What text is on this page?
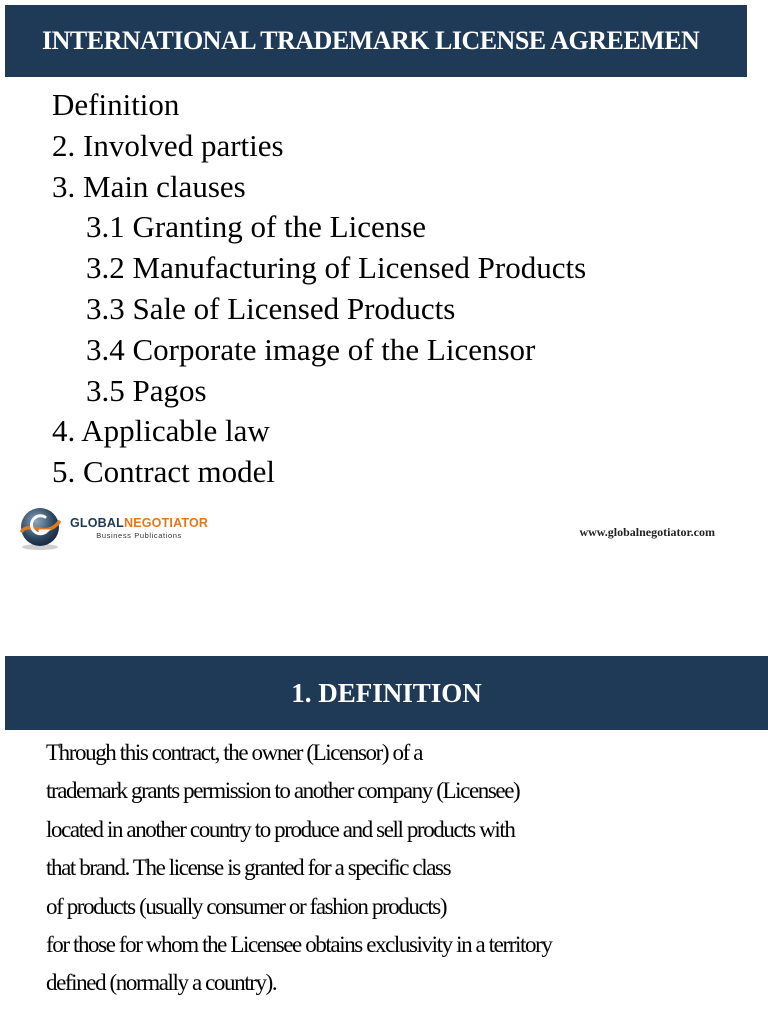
INTERNATIONAL TRADEMARK LICENSE AGREEMEN
Definition
2. Involved parties
3. Main clauses
3.1 Granting of the License
3.2 Manufacturing of Licensed Products
3.3 Sale of Licensed Products
3.4 Corporate image of the Licensor
3.5 Pagos
4. Applicable law
5. Contract model
GLOBALNEGOTIATOR
Business Publications	www.globalnegotiator.com
1. DEFINITION

Through this contract, the owner (Licensor) of a

trademark grants permission to another company (Licensee)

located in another country to produce and sell products with

that brand. The license is granted for a specific class

of products (usually consumer or fashion products)

for those for whom the Licensee obtains exclusivity in a territory

defined (normally a country).
